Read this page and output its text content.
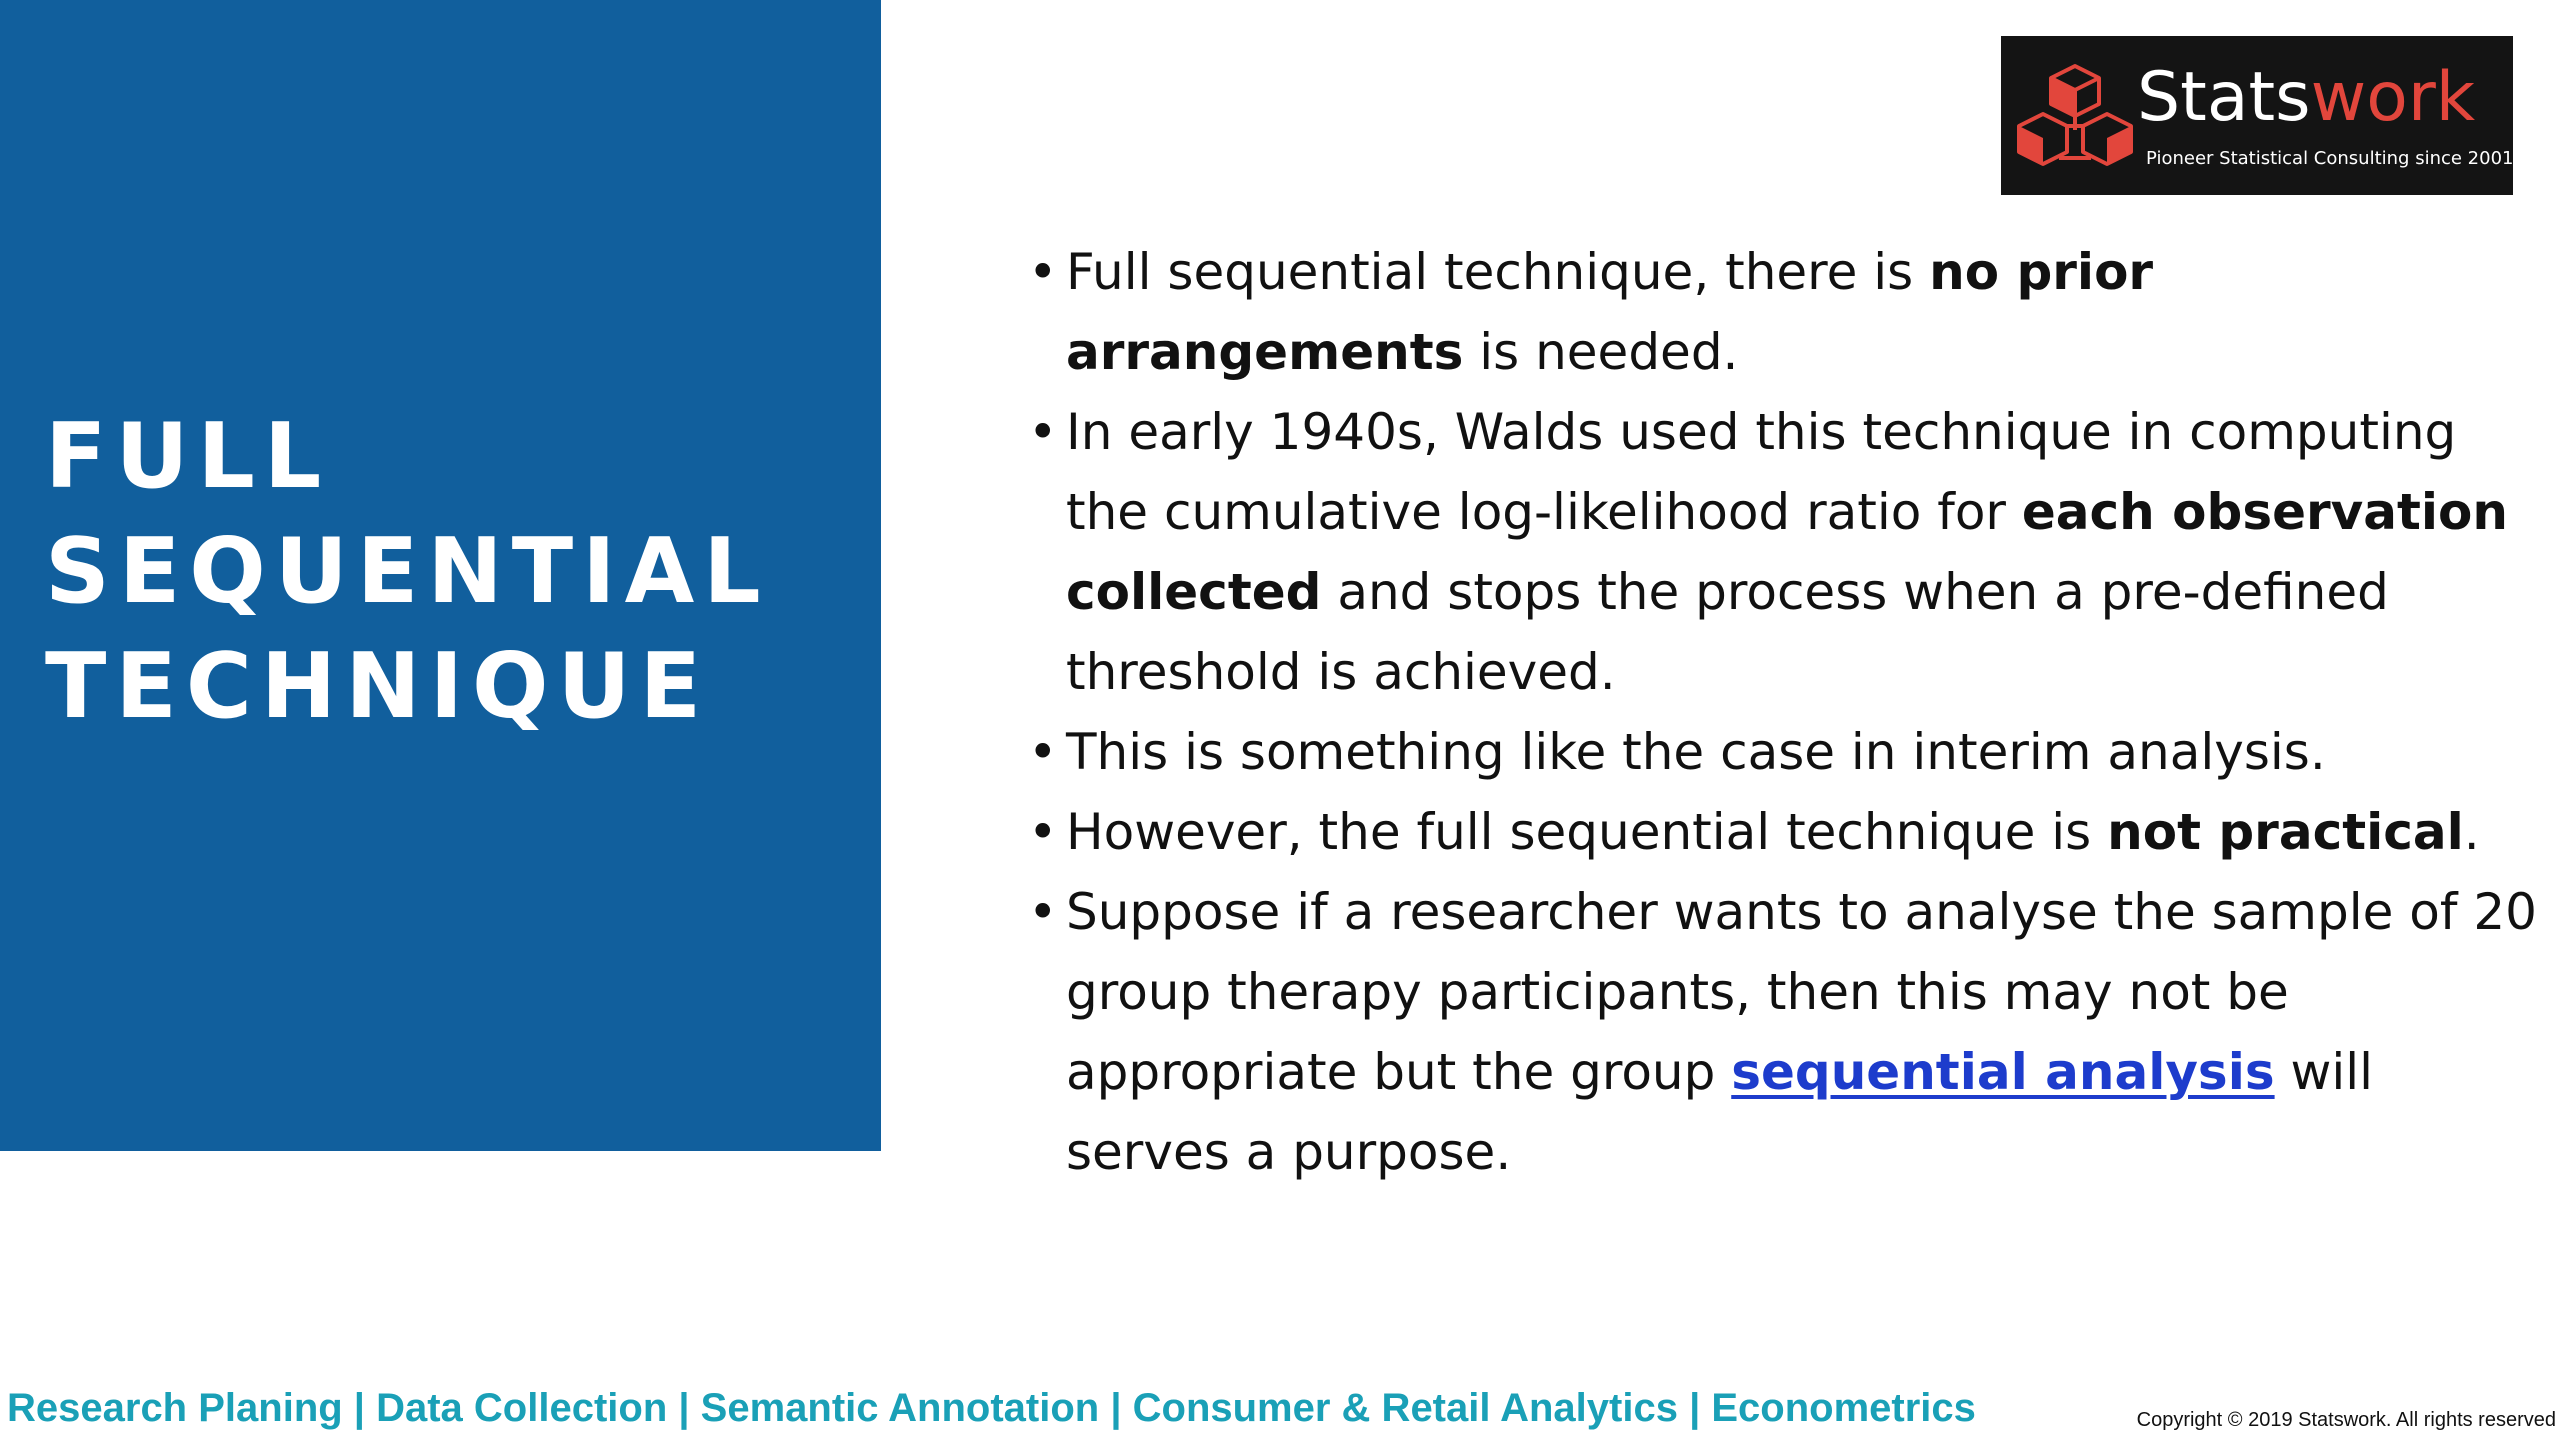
FULL
SEQUENTIAL
TECHNIQUE
Statswork
Pioneer Statistical Consulting since 2001
• Full sequential technique, there is no prior arrangements is needed.
• In early 1940s, Walds used this technique in computing the cumulative log-likelihood ratio for each observation collected and stops the process when a pre-defined threshold is achieved.
• This is something like the case in interim analysis.
• However, the full sequential technique is not practical.
• Suppose if a researcher wants to analyse the sample of 20 group therapy participants, then this may not be appropriate but the group sequential analysis will serves a purpose.
Research Planing | Data Collection | Semantic Annotation | Consumer & Retail Analytics | Econometrics	Copyright © 2019 Statswork. All rights reserved
